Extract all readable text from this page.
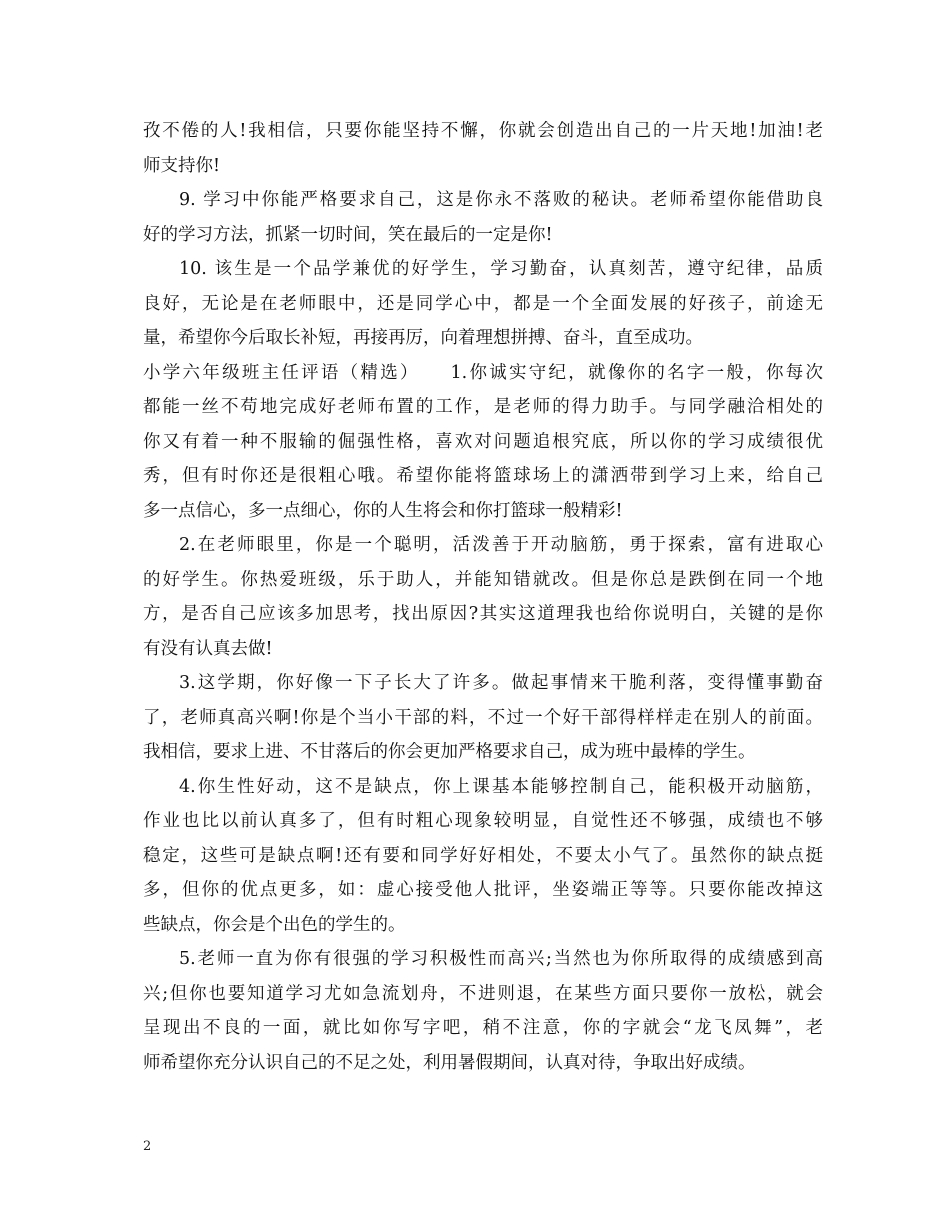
孜不倦的人!我相信，只要你能坚持不懈，你就会创造出自己的一片天地!加油!老
师支持你!
9. 学习中你能严格要求自己，这是你永不落败的秘诀。老师希望你能借助良
好的学习方法，抓紧一切时间，笑在最后的一定是你!
10. 该生是一个品学兼优的好学生，学习勤奋，认真刻苦，遵守纪律，品质
良好，无论是在老师眼中，还是同学心中，都是一个全面发展的好孩子，前途无
量，希望你今后取长补短，再接再厉，向着理想拼搏、奋斗，直至成功。
小学六年级班主任评语（精选）　　1.你诚实守纪，就像你的名字一般，你每次
都能一丝不苟地完成好老师布置的工作，是老师的得力助手。与同学融洽相处的
你又有着一种不服输的倔强性格，喜欢对问题追根究底，所以你的学习成绩很优
秀，但有时你还是很粗心哦。希望你能将篮球场上的潇洒带到学习上来，给自己
多一点信心，多一点细心，你的人生将会和你打篮球一般精彩!
2.在老师眼里，你是一个聪明，活泼善于开动脑筋，勇于探索，富有进取心
的好学生。你热爱班级，乐于助人，并能知错就改。但是你总是跌倒在同一个地
方，是否自己应该多加思考，找出原因?其实这道理我也给你说明白，关键的是你
有没有认真去做!
3.这学期，你好像一下子长大了许多。做起事情来干脆利落，变得懂事勤奋
了，老师真高兴啊!你是个当小干部的料，不过一个好干部得样样走在别人的前面。
我相信，要求上进、不甘落后的你会更加严格要求自己，成为班中最棒的学生。
4.你生性好动，这不是缺点，你上课基本能够控制自己，能积极开动脑筋，
作业也比以前认真多了，但有时粗心现象较明显，自觉性还不够强，成绩也不够
稳定，这些可是缺点啊!还有要和同学好好相处，不要太小气了。虽然你的缺点挺
多，但你的优点更多，如：虚心接受他人批评，坐姿端正等等。只要你能改掉这
些缺点，你会是个出色的学生的。
5.老师一直为你有很强的学习积极性而高兴;当然也为你所取得的成绩感到高
兴;但你也要知道学习尤如急流划舟，不进则退，在某些方面只要你一放松，就会
呈现出不良的一面，就比如你写字吧，稍不注意，你的字就会“龙飞凤舞”，老
师希望你充分认识自己的不足之处，利用暑假期间，认真对待，争取出好成绩。
2
